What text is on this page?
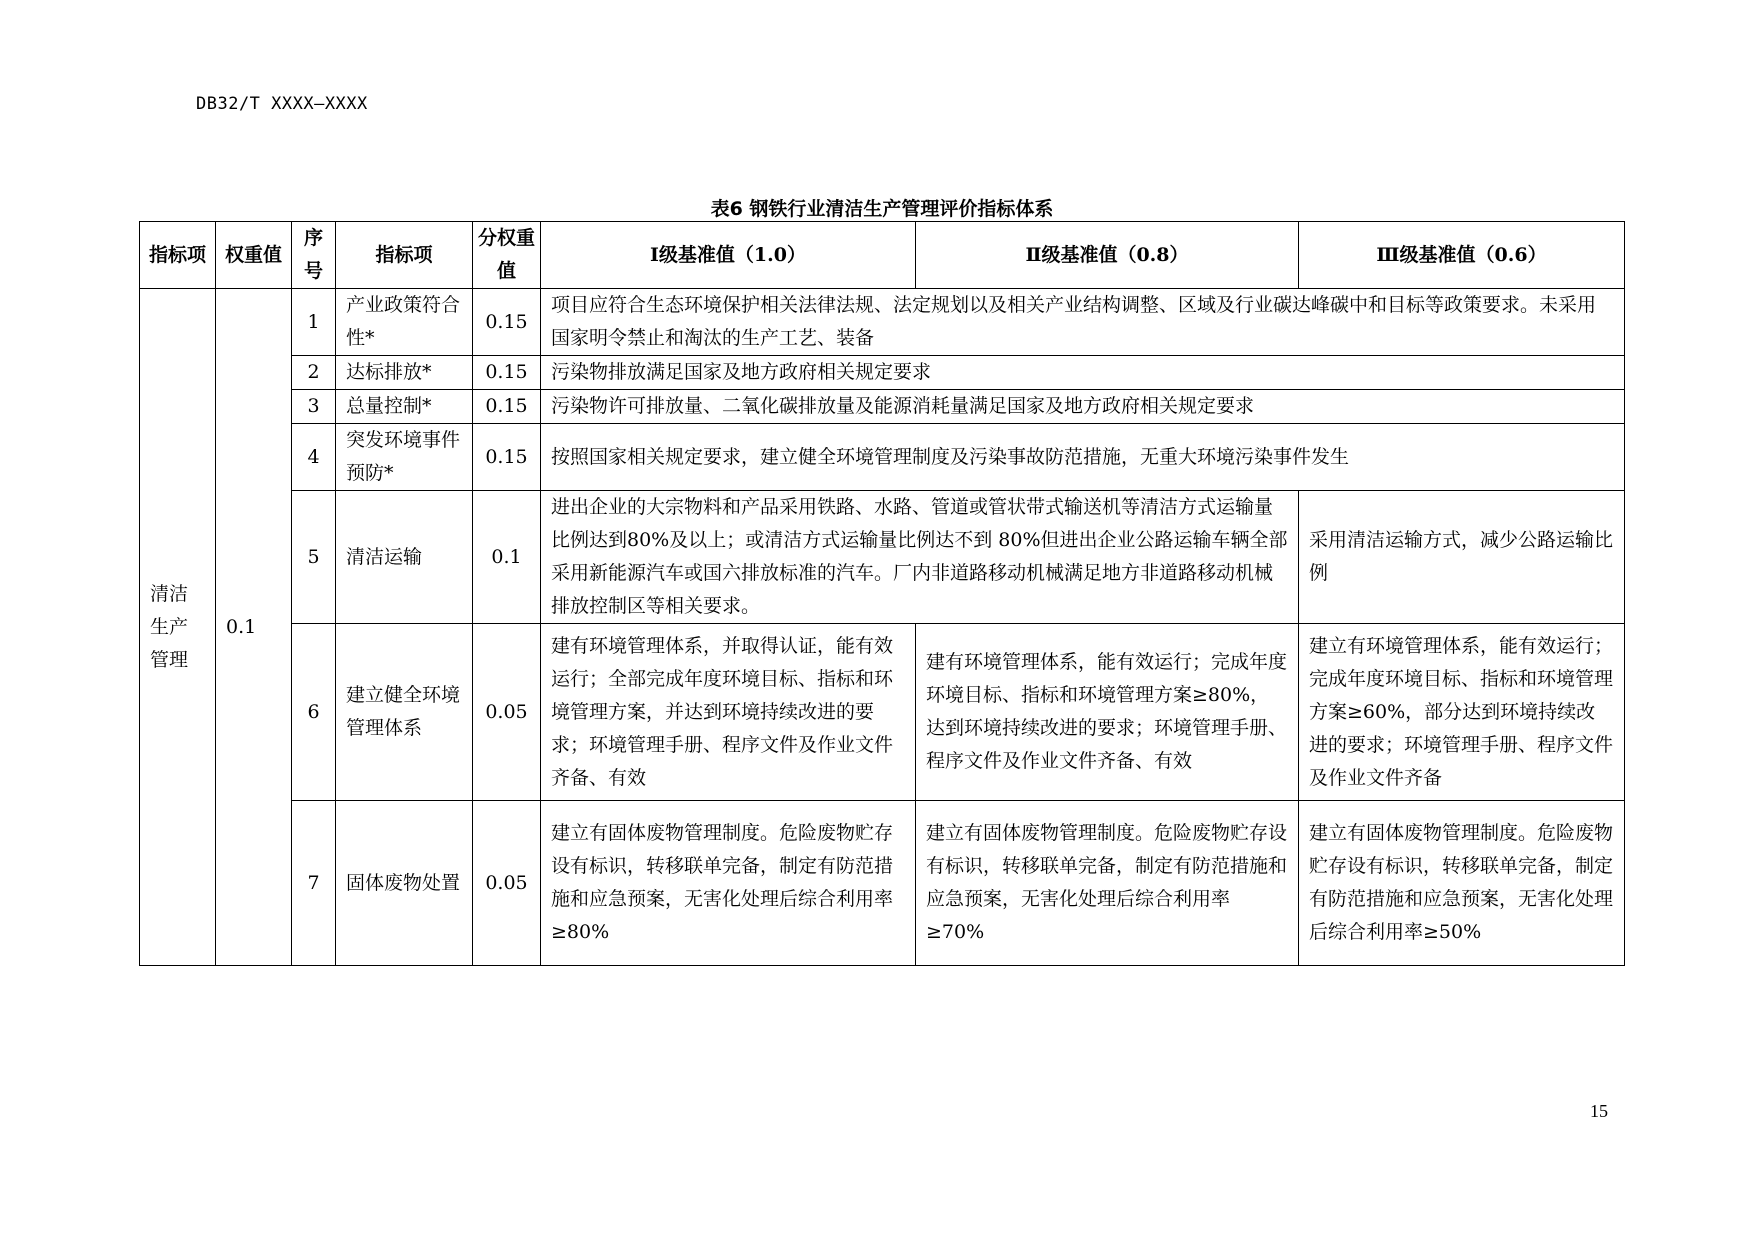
DB32/T XXXX—XXXX
表6 钢铁行业清洁生产管理评价指标体系
指标项	权重值	序号	指标项	分权重值	Ⅰ级基准值（1.0）	Ⅱ级基准值（0.8）	Ⅲ级基准值（0.6）
清洁生产管理	0.1	1	产业政策符合性*	0.15	项目应符合生态环境保护相关法律法规、法定规划以及相关产业结构调整、区域及行业碳达峰碳中和目标等政策要求。未采用国家明令禁止和淘汰的生产工艺、装备		
		2	达标排放*	0.15	污染物排放满足国家及地方政府相关规定要求		
		3	总量控制*	0.15	污染物许可排放量、二氧化碳排放量及能源消耗量满足国家及地方政府相关规定要求		
		4	突发环境事件预防*	0.15	按照国家相关规定要求，建立健全环境管理制度及污染事故防范措施，无重大环境污染事件发生		
		5	清洁运输	0.1	进出企业的大宗物料和产品采用铁路、水路、管道或管状带式输送机等清洁方式运输量比例达到80%及以上；或清洁方式运输量比例达不到 80%但进出企业公路运输车辆全部采用新能源汽车或国六排放标准的汽车。厂内非道路移动机械满足地方非道路移动机械排放控制区等相关要求。		采用清洁运输方式，减少公路运输比例
		6	建立健全环境管理体系	0.05	建有环境管理体系，并取得认证，能有效运行；全部完成年度环境目标、指标和环境管理方案，并达到环境持续改进的要求；环境管理手册、程序文件及作业文件齐备、有效	建有环境管理体系，能有效运行；完成年度环境目标、指标和环境管理方案≥80%，达到环境持续改进的要求；环境管理手册、程序文件及作业文件齐备、有效	建立有环境管理体系，能有效运行；完成年度环境目标、指标和环境管理方案≥60%，部分达到环境持续改进的要求；环境管理手册、程序文件及作业文件齐备
		7	固体废物处置	0.05	建立有固体废物管理制度。危险废物贮存设有标识，转移联单完备，制定有防范措施和应急预案，无害化处理后综合利用率≥80%	建立有固体废物管理制度。危险废物贮存设有标识，转移联单完备，制定有防范措施和应急预案，无害化处理后综合利用率≥70%	建立有固体废物管理制度。危险废物贮存设有标识，转移联单完备，制定有防范措施和应急预案，无害化处理后综合利用率≥50%
15
